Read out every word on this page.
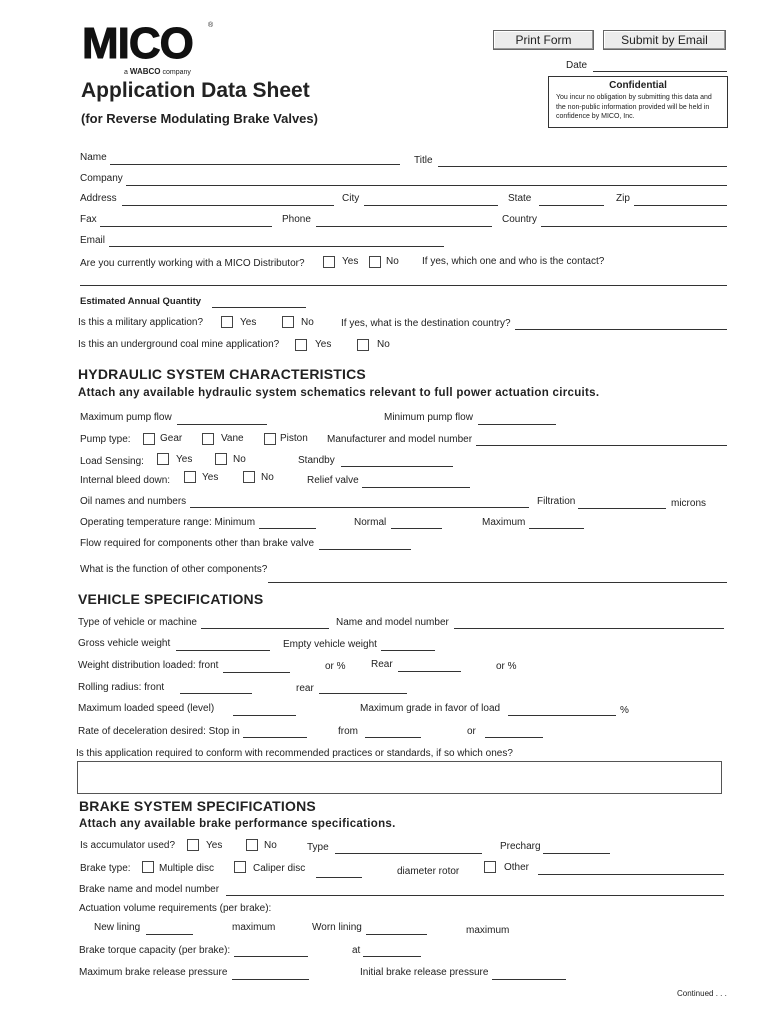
MICO ®
a WABCO company
Application Data Sheet
(for Reverse Modulating Brake Valves)
Print Form	Submit by Email
Date
Confidential
You incur no obligation by submitting this data and the non-public information provided will be held in confidence by MICO, Inc.
Name	Title
Company
Address	City	State	Zip
Fax	Phone	Country
Email
Are you currently working with a MICO Distributor?	Yes	No If yes, which one and who is the contact?
Estimated Annual Quantity
Is this a military application?	Yes	No	If yes, what is the destination country?
Is this an underground coal mine application?	Yes	No
HYDRAULIC SYSTEM CHARACTERISTICS
Attach any available hydraulic system schematics relevant to full power actuation circuits.
Maximum pump flow	Minimum pump flow
Pump type:	Gear	Vane	Piston Manufacturer and model number
Load Sensing:	Yes	No	Standby
Internal bleed down:	Yes	No	Relief valve
Oil names and numbers	Filtration	microns
Operating temperature range: Minimum	Normal	Maximum
Flow required for components other than brake valve
What is the function of other components?
VEHICLE SPECIFICATIONS
Type of vehicle or machine	Name and model number
Gross vehicle weight	Empty vehicle weight
Weight distribution loaded: front	or %	Rear	or %
Rolling radius: front	rear
Maximum loaded speed (level)	Maximum grade in favor of load	%
Rate of deceleration desired: Stop in	from	or
Is this application required to conform with recommended practices or standards, if so which ones?
BRAKE SYSTEM SPECIFICATIONS
Attach any available brake performance specifications.
Is accumulator used?	Yes	No	Type	Precharg
Brake type:	Multiple disc	Caliper disc	diameter rotor	Other
Brake name and model number
Actuation volume requirements (per brake):
New lining	maximum	Worn lining	maximum
Brake torque capacity (per brake):	at
Maximum brake release pressure	Initial brake release pressure
Continued . . .
